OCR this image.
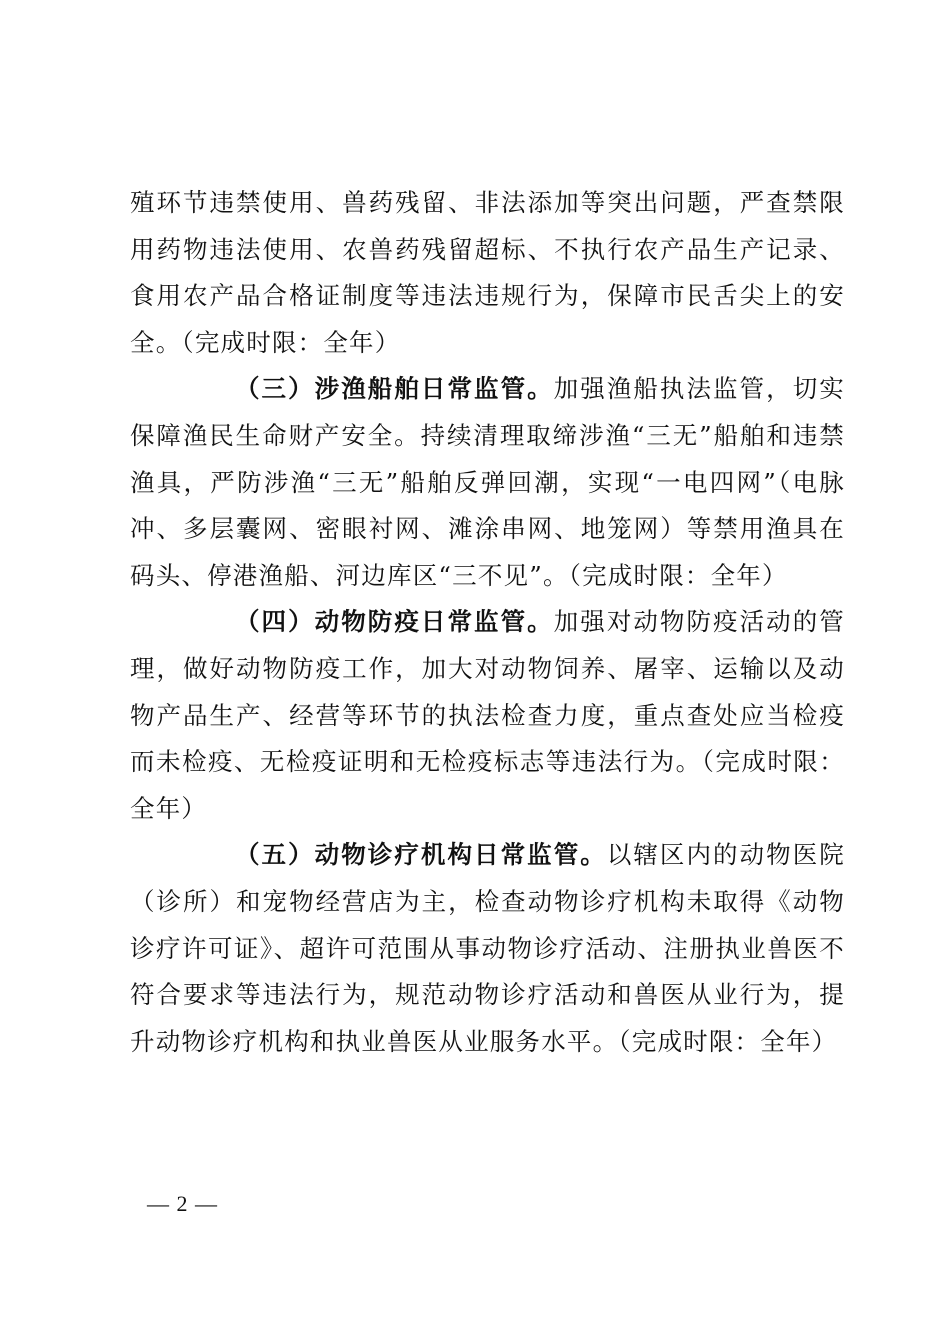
殖环节违禁使用、兽药残留、非法添加等突出问题，严查禁限用药物违法使用、农兽药残留超标、不执行农产品生产记录、食用农产品合格证制度等违法违规行为，保障市民舌尖上的安全。（完成时限：全年）

（三）涉渔船舶日常监管。加强渔船执法监管，切实保障渔民生命财产安全。持续清理取缔涉渔“三无”船舶和违禁渔具，严防涉渔“三无”船舶反弹回潮，实现“一电四网”（电脉冲、多层囊网、密眼衬网、滩涂串网、地笼网）等禁用渔具在码头、停港渔船、河边库区“三不见”。（完成时限：全年）

（四）动物防疫日常监管。加强对动物防疫活动的管理，做好动物防疫工作，加大对动物饲养、屠宰、运输以及动物产品生产、经营等环节的执法检查力度，重点查处应当检疫而未检疫、无检疫证明和无检疫标志等违法行为。（完成时限：全年）

（五）动物诊疗机构日常监管。以辖区内的动物医院（诊所）和宠物经营店为主，检查动物诊疗机构未取得《动物诊疗许可证》、超许可范围从事动物诊疗活动、注册执业兽医不符合要求等违法行为，规范动物诊疗活动和兽医从业行为，提升动物诊疗机构和执业兽医从业服务水平。（完成时限：全年）

— 2 —
